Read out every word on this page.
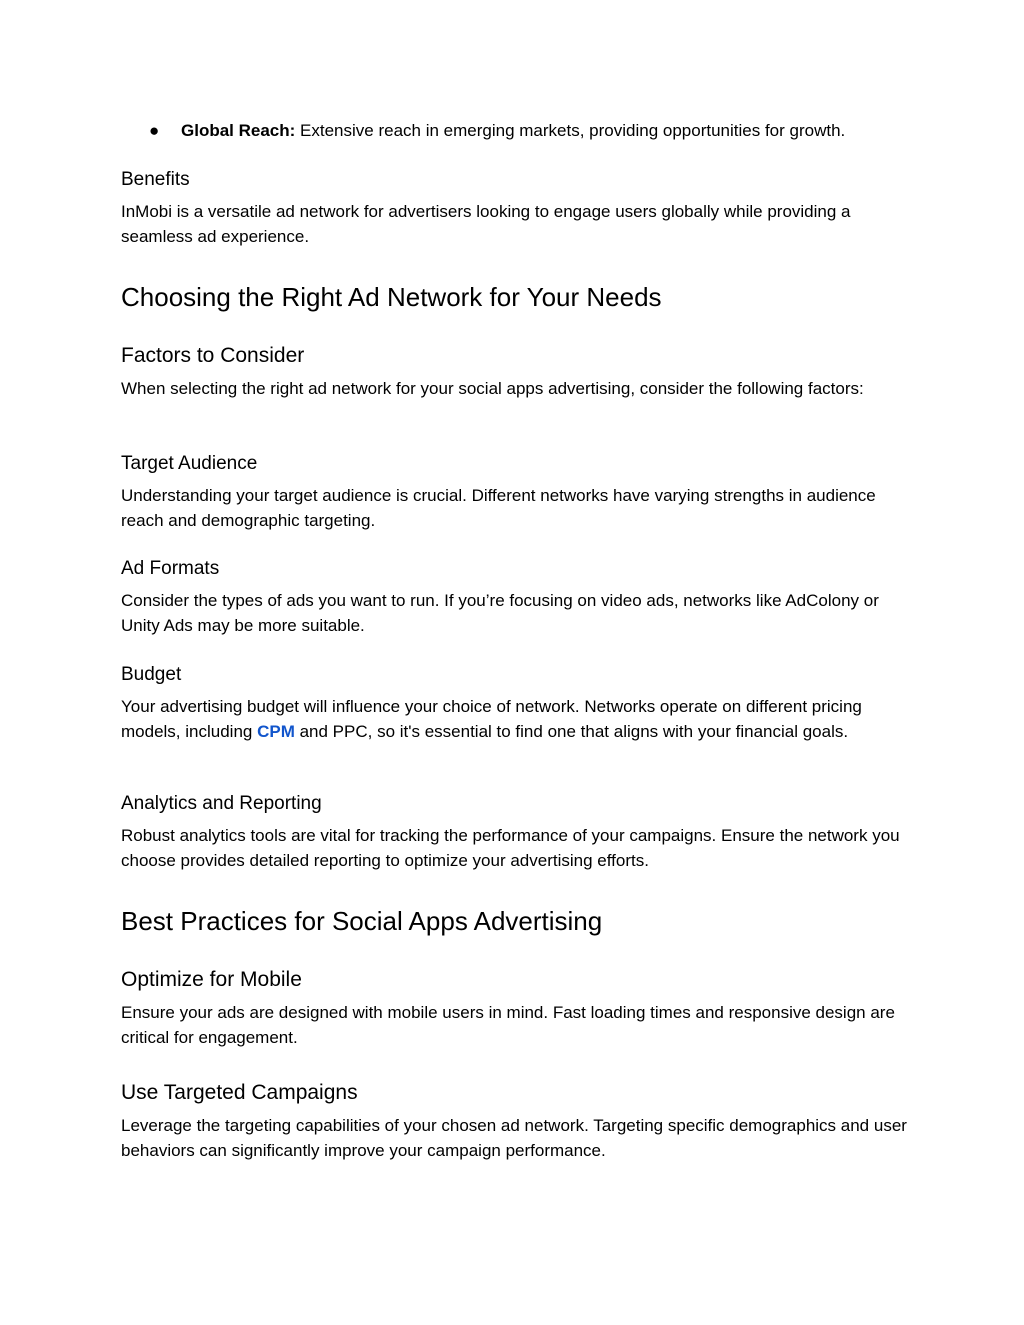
● Global Reach: Extensive reach in emerging markets, providing opportunities for growth.
Benefits

InMobi is a versatile ad network for advertisers looking to engage users globally while providing a seamless ad experience.

Choosing the Right Ad Network for Your Needs
Factors to Consider

When selecting the right ad network for your social apps advertising, consider the following factors:

Target Audience

Understanding your target audience is crucial. Different networks have varying strengths in audience reach and demographic targeting.

Ad Formats

Consider the types of ads you want to run. If you’re focusing on video ads, networks like AdColony or Unity Ads may be more suitable.

Budget

Your advertising budget will influence your choice of network. Networks operate on different pricing models, including CPM and PPC, so it's essential to find one that aligns with your financial goals.

Analytics and Reporting

Robust analytics tools are vital for tracking the performance of your campaigns. Ensure the network you choose provides detailed reporting to optimize your advertising efforts.

Best Practices for Social Apps Advertising
Optimize for Mobile

Ensure your ads are designed with mobile users in mind. Fast loading times and responsive design are critical for engagement.

Use Targeted Campaigns

Leverage the targeting capabilities of your chosen ad network. Targeting specific demographics and user behaviors can significantly improve your campaign performance.
